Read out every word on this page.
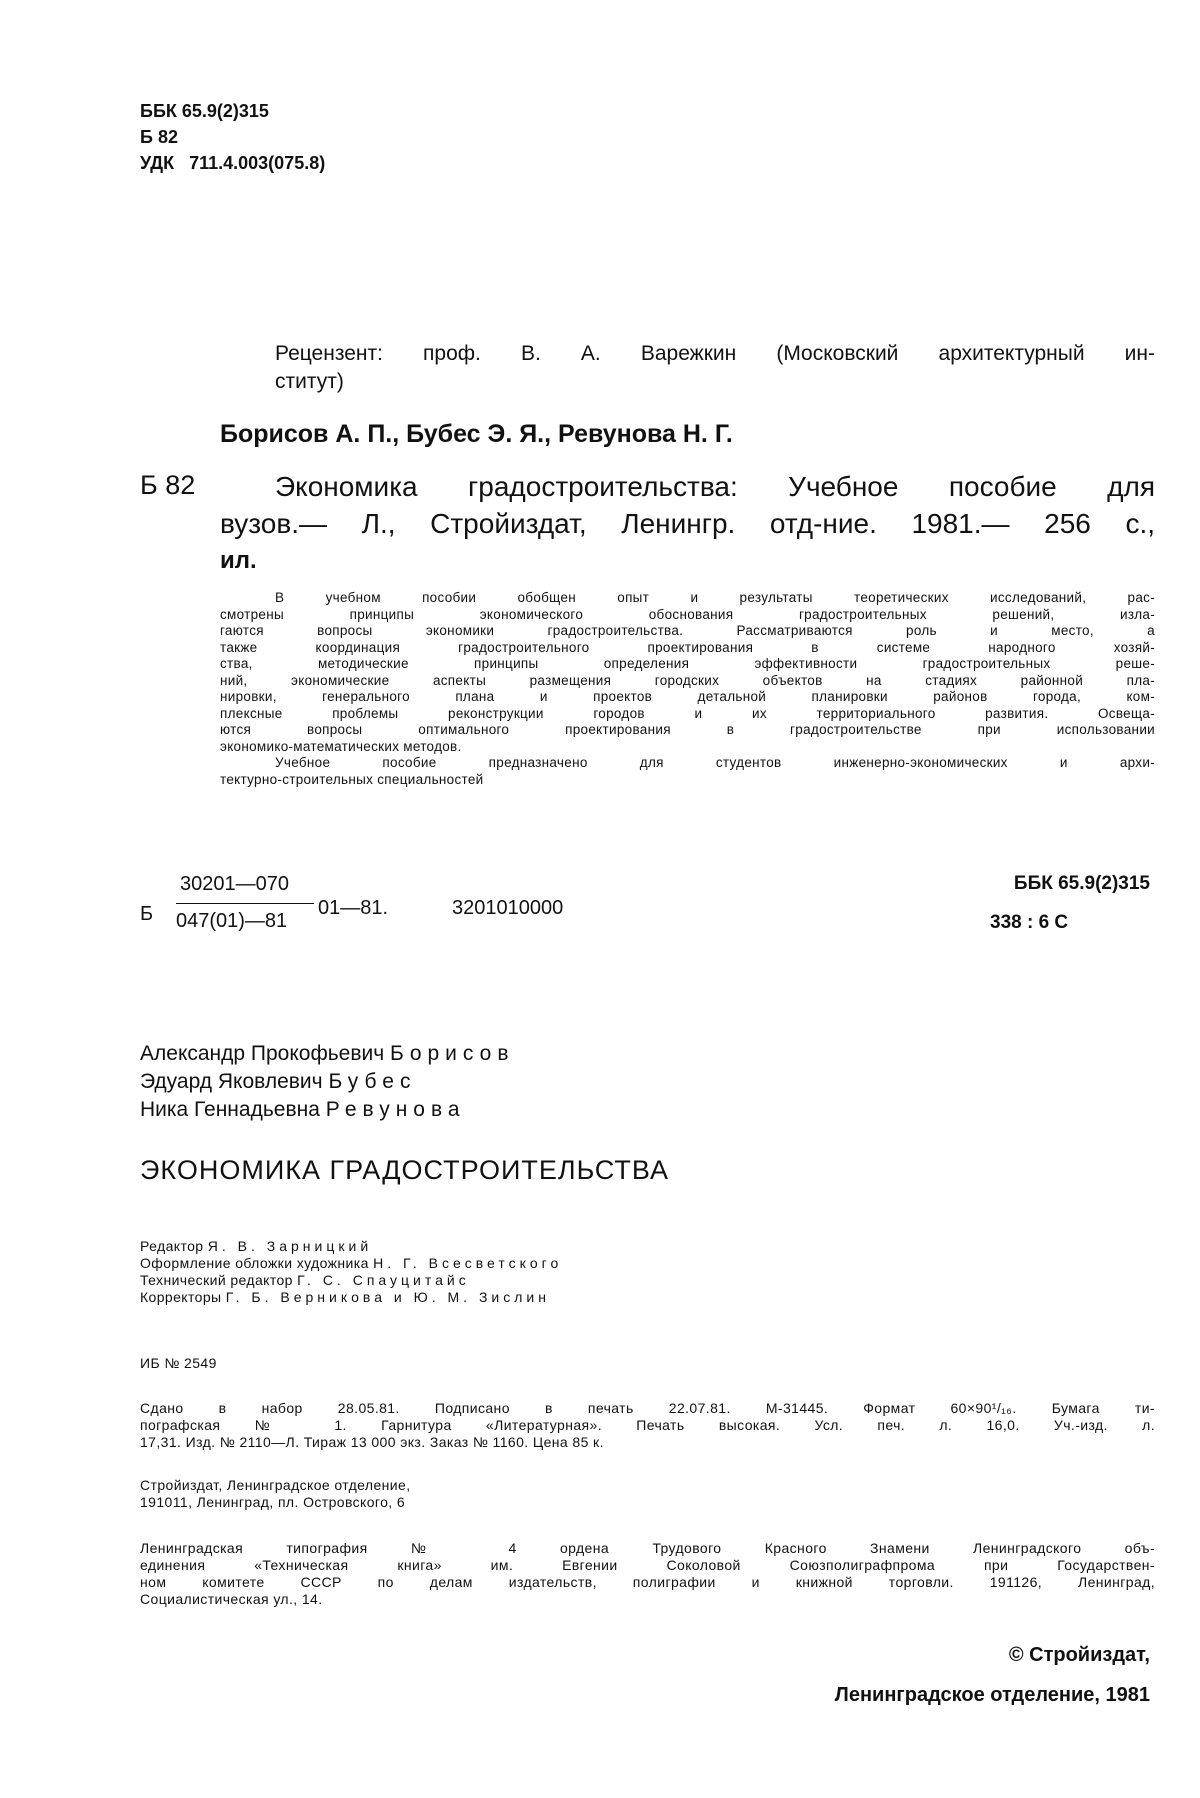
ББК 65.9(2)315
Б 82
УДК   711.4.003(075.8)
Рецензент: проф. В. А. Варежкин (Московский архитектурный ин-
ститут)
Борисов А. П., Бубес Э. Я., Ревунова Н. Г.
Б 82	Экономика градостроительства: Учебное пособие для
вузов.— Л., Стройиздат, Ленингр. отд-ние. 1981.— 256 с.,
ил.
В учебном пособии обобщен опыт и результаты теоретических исследований, рас-
смотрены принципы экономического обоснования градостроительных решений, изла-
гаются вопросы экономики градостроительства. Рассматриваются роль и место, а
также координация градостроительного проектирования в системе народного хозяй-
ства, методические принципы определения эффективности градостроительных реше-
ний, экономические аспекты размещения городских объектов на стадиях районной пла-
нировки, генерального плана и проектов детальной планировки районов города, ком-
плексные проблемы реконструкции городов и их территориального развития. Освеща-
ются вопросы оптимального проектирования в градостроительстве при использовании
экономико-математических методов.
Учебное пособие предназначено для студентов инженерно-экономических и архи-
тектурно-строительных специальностей
Б
30201—070
047(01)—81
01—81.	3201010000
ББК 65.9(2)315
338 : 6 С
Александр Прокофьевич Борисов
Эдуард Яковлевич Бубес
Ника Геннадьевна Ревунова
ЭКОНОМИКА ГРАДОСТРОИТЕЛЬСТВА
Редактор Я. В. Зарницкий
Оформление обложки художника Н. Г. Всесветского
Технический редактор Г. С. Спауцитайс
Корректоры Г. Б. Верникова и Ю. М. Зислин
ИБ № 2549
Сдано в набор 28.05.81. Подписано в печать 22.07.81. М-31445. Формат 60×90¹/₁₆. Бумага ти-
пографская № 1. Гарнитура «Литературная». Печать высокая. Усл. печ. л. 16,0. Уч.-изд. л.
17,31. Изд. № 2110—Л. Тираж 13 000 экз. Заказ № 1160. Цена 85 к.
Стройиздат, Ленинградское отделение,
191011, Ленинград, пл. Островского, 6
Ленинградская типография № 4 ордена Трудового Красного Знамени Ленинградского объ-
единения «Техническая книга» им. Евгении Соколовой Союзполиграфпрома при Государствен-
ном комитете СССР по делам издательств, полиграфии и книжной торговли. 191126, Ленинград,
Социалистическая ул., 14.
© Стройиздат,
Ленинградское отделение, 1981
